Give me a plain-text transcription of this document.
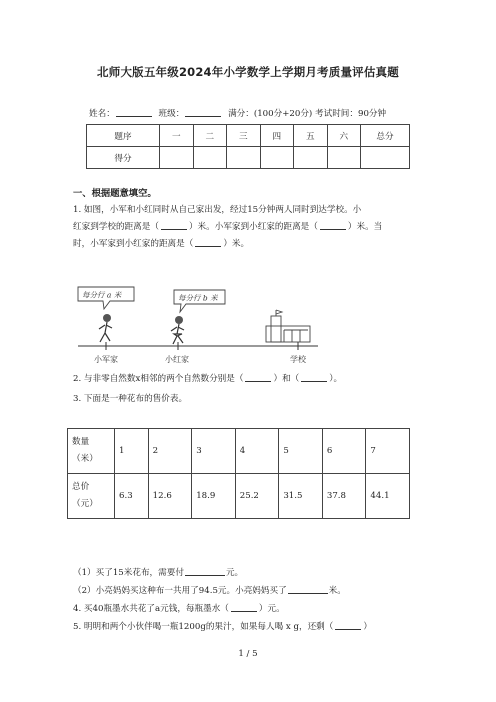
北师大版五年级2024年小学数学上学期月考质量评估真题
姓名：	班级：	满分：(100分+20分) 考试时间：90分钟
题序	一	二	三	四	五	六	总分
得分							
一、根据题意填空。
1. 如图，小军和小红同时从自己家出发，经过15分钟两人同时到达学校。小
红家到学校的距离是（	）米。小军家到小红家的距离是（	）米。当
时，小军家到小红家的距离是（	）米。
每分行 a 米	每分行 b 米
小军家	小红家	学校
2. 与非零自然数x相邻的两个自然数分别是（	）和（	）。
3. 下面是一种花布的售价表。
数量
（米）	1	2	3	4	5	6	7

总价
（元）	6.3	12.6	18.9	25.2	31.5	37.8	44.1
（1）买了15米花布，需要付	元。
（2）小亮妈妈买这种布一共用了94.5元。小亮妈妈买了	米。
4. 买40瓶墨水共花了a元钱，每瓶墨水（	）元。
5. 明明和两个小伙伴喝一瓶1200g的果汁，如果每人喝 x g，还剩（	）
1 / 5
